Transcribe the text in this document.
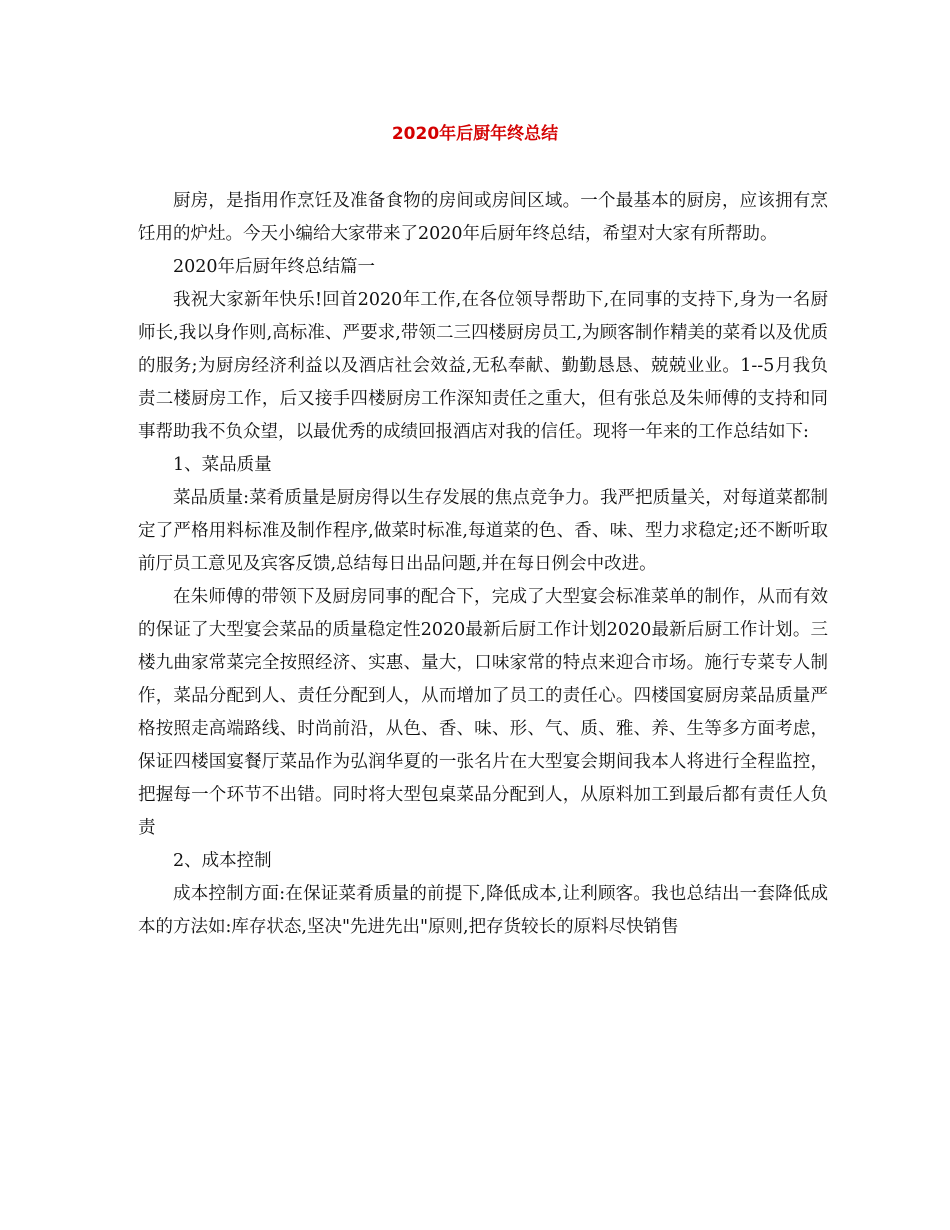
2020年后厨年终总结

厨房，是指用作烹饪及准备食物的房间或房间区域。一个最基本的厨房，应该拥有烹饪用的炉灶。今天小编给大家带来了2020年后厨年终总结，希望对大家有所帮助。

2020年后厨年终总结篇一

我祝大家新年快乐!回首2020年工作,在各位领导帮助下,在同事的支持下,身为一名厨师长,我以身作则,高标准、严要求,带领二三四楼厨房员工,为顾客制作精美的菜肴以及优质的服务;为厨房经济利益以及酒店社会效益,无私奉献、勤勤恳恳、兢兢业业。1--5月我负责二楼厨房工作，后又接手四楼厨房工作深知责任之重大，但有张总及朱师傅的支持和同事帮助我不负众望，以最优秀的成绩回报酒店对我的信任。现将一年来的工作总结如下:

1、菜品质量

菜品质量:菜肴质量是厨房得以生存发展的焦点竞争力。我严把质量关，对每道菜都制定了严格用料标准及制作程序,做菜时标准,每道菜的色、香、味、型力求稳定;还不断听取前厅员工意见及宾客反馈,总结每日出品问题,并在每日例会中改进。

在朱师傅的带领下及厨房同事的配合下，完成了大型宴会标准菜单的制作，从而有效的保证了大型宴会菜品的质量稳定性2020最新后厨工作计划2020最新后厨工作计划。三楼九曲家常菜完全按照经济、实惠、量大，口味家常的特点来迎合市场。施行专菜专人制作，菜品分配到人、责任分配到人，从而增加了员工的责任心。四楼国宴厨房菜品质量严格按照走高端路线、时尚前沿，从色、香、味、形、气、质、雅、养、生等多方面考虑，保证四楼国宴餐厅菜品作为弘润华夏的一张名片在大型宴会期间我本人将进行全程监控，把握每一个环节不出错。同时将大型包桌菜品分配到人，从原料加工到最后都有责任人负责

2、成本控制

成本控制方面:在保证菜肴质量的前提下,降低成本,让利顾客。我也总结出一套降低成本的方法如:库存状态,坚决"先进先出"原则,把存货较长的原料尽快销售
